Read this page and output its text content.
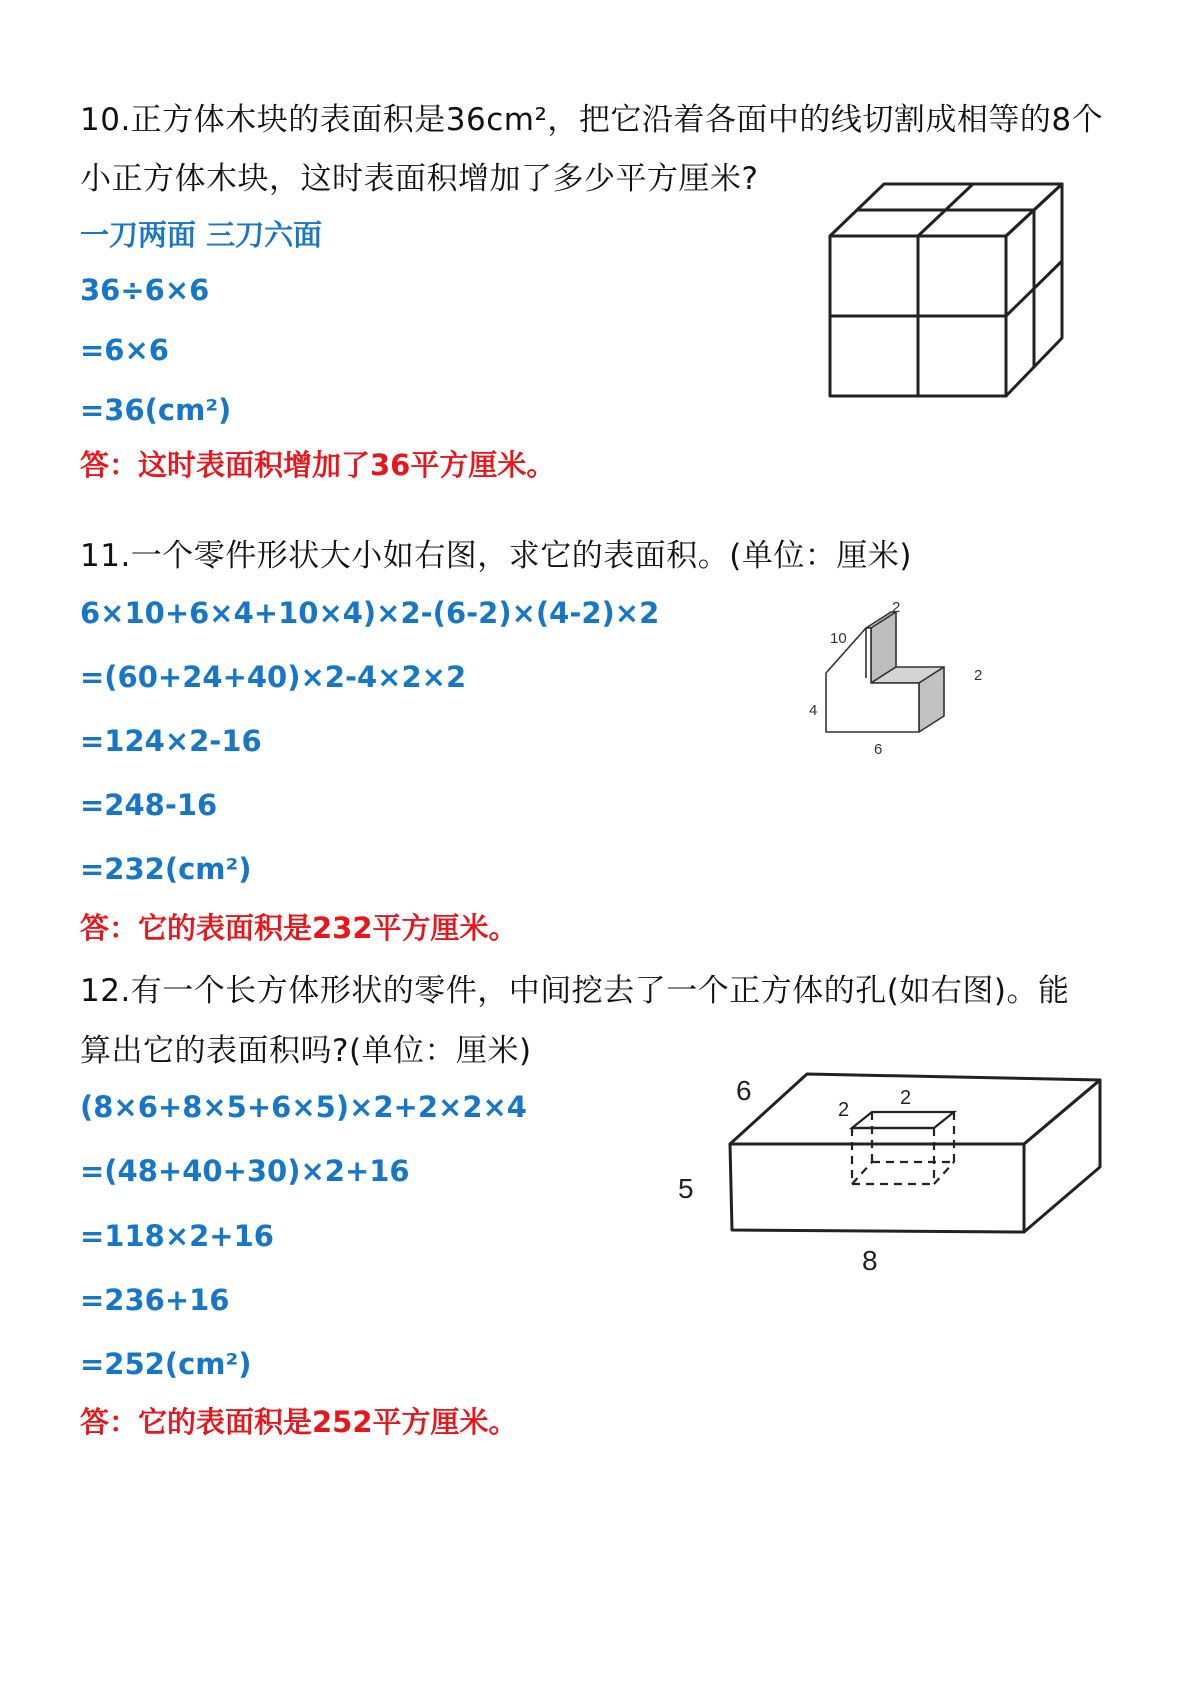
10.正方体木块的表面积是36cm²，把它沿着各面中的线切割成相等的8个
小正方体木块，这时表面积增加了多少平方厘米?
一刀两面 三刀六面
36÷6×6
=6×6
=36(cm²)
答：这时表面积增加了36平方厘米。
11.一个零件形状大小如右图，求它的表面积。(单位：厘米)
6×10+6×4+10×4)×2-(6-2)×(4-2)×2
=(60+24+40)×2-4×2×2
=124×2-16
=248-16
=232(cm²)
答：它的表面积是232平方厘米。
2
10
2
4
6
12.有一个长方体形状的零件，中间挖去了一个正方体的孔(如右图)。能
算出它的表面积吗?(单位：厘米)
(8×6+8×5+6×5)×2+2×2×4
=(48+40+30)×2+16
=118×2+16
=236+16
=252(cm²)
答：它的表面积是252平方厘米。
6
5
8
2
2
